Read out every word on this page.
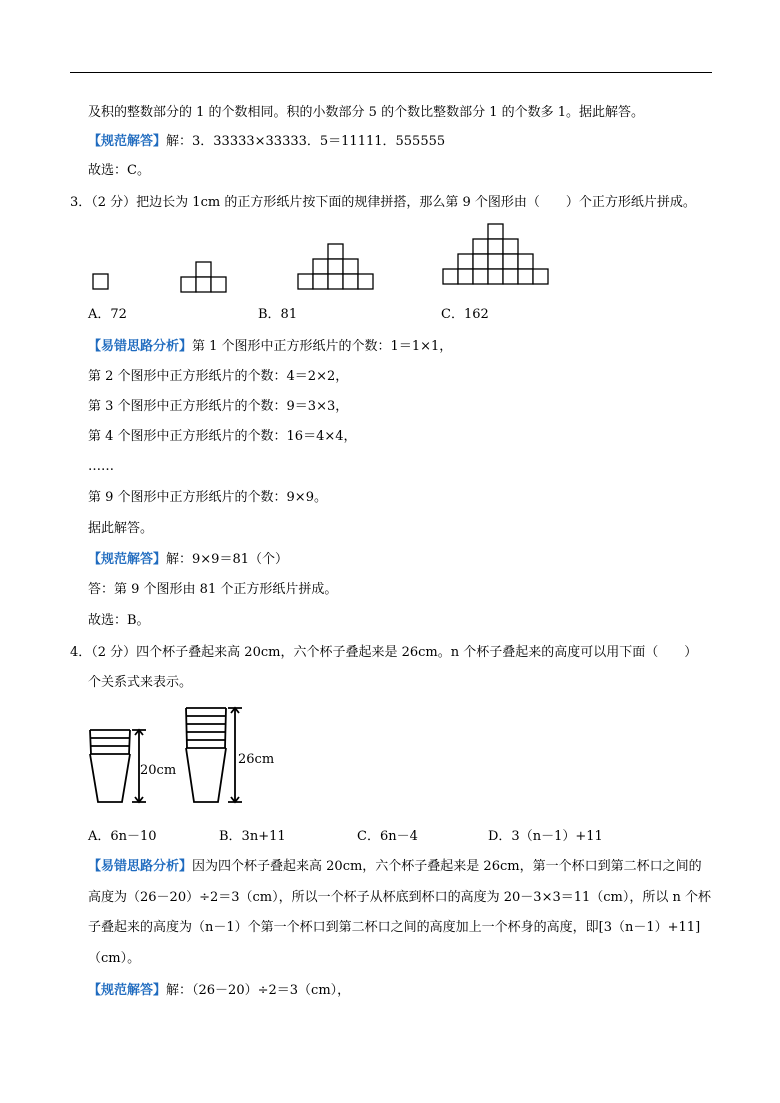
及积的整数部分的 1 的个数相同。积的小数部分 5 的个数比整数部分 1 的个数多 1。据此解答。
【规范解答】解：3．33333×33333．5＝11111．555555
故选：C。
3．（2 分）把边长为 1cm 的正方形纸片按下面的规律拼搭，那么第 9 个图形由（　　）个正方形纸片拼成。
A．72	B．81	C．162
【易错思路分析】第 1 个图形中正方形纸片的个数：1＝1×1，
第 2 个图形中正方形纸片的个数：4＝2×2，
第 3 个图形中正方形纸片的个数：9＝3×3，
第 4 个图形中正方形纸片的个数：16＝4×4，
……
第 9 个图形中正方形纸片的个数：9×9。
据此解答。
【规范解答】解：9×9＝81（个）
答：第 9 个图形由 81 个正方形纸片拼成。
故选：B。
4．（2 分）四个杯子叠起来高 20cm，六个杯子叠起来是 26cm。n 个杯子叠起来的高度可以用下面（　　）
个关系式来表示。
20cm
26cm
A．6n－10	B．3n+11	C．6n－4	D．3（n－1）+11
【易错思路分析】因为四个杯子叠起来高 20cm，六个杯子叠起来是 26cm，第一个杯口到第二杯口之间的
高度为（26－20）÷2＝3（cm），所以一个杯子从杯底到杯口的高度为 20－3×3＝11（cm），所以 n 个杯
子叠起来的高度为（n－1）个第一个杯口到第二杯口之间的高度加上一个杯身的高度，即[3（n－1）+11]
（cm）。
【规范解答】解：（26－20）÷2＝3（cm），
